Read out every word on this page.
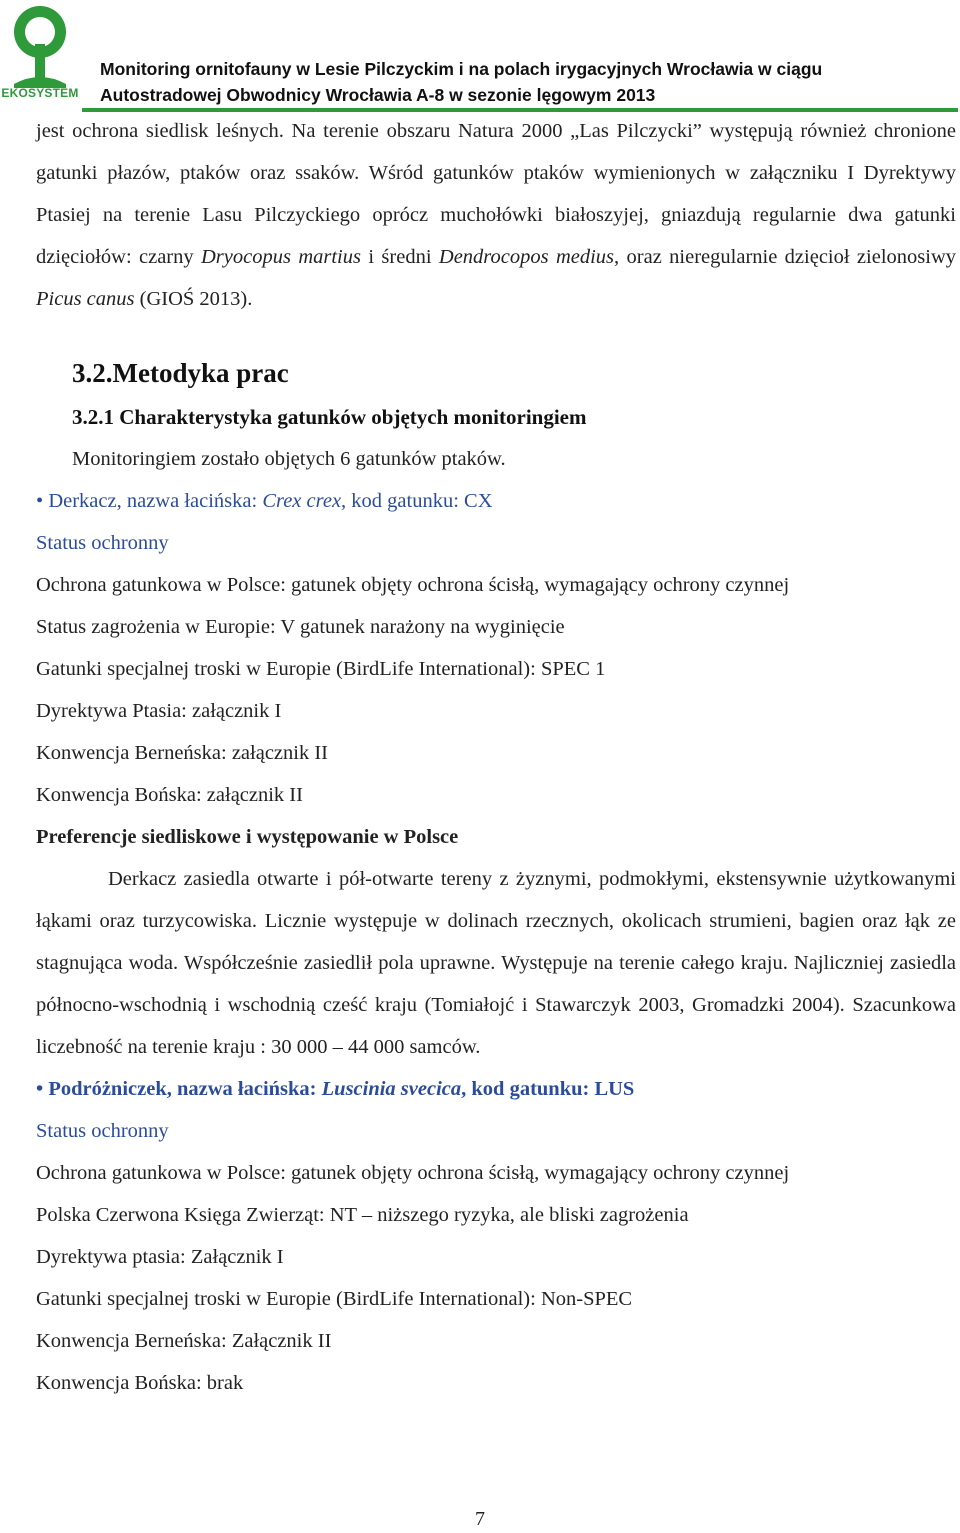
EKOSYSTEM
Monitoring ornitofauny w Lesie Pilczyckim i na polach irygacyjnych Wrocławia w ciągu
Autostradowej Obwodnicy Wrocławia A-8 w sezonie lęgowym 2013

jest ochrona siedlisk leśnych. Na terenie obszaru Natura 2000 „Las Pilczycki” występują również chronione gatunki płazów, ptaków oraz ssaków. Wśród gatunków ptaków wymienionych w załączniku I Dyrektywy Ptasiej na terenie Lasu Pilczyckiego oprócz muchołówki białoszyjej, gniazdują regularnie dwa gatunki dzięciołów: czarny Dryocopus martius i średni Dendrocopos medius, oraz nieregularnie dzięcioł zielonosiwy Picus canus (GIOŚ 2013).

3.2.Metodyka prac

3.2.1 Charakterystyka gatunków objętych monitoringiem

Monitoringiem zostało objętych 6 gatunków ptaków.

• Derkacz, nazwa łacińska: Crex crex, kod gatunku: CX

Status ochronny

Ochrona gatunkowa w Polsce: gatunek objęty ochrona ścisłą, wymagający ochrony czynnej

Status zagrożenia w Europie: V gatunek narażony na wyginięcie

Gatunki specjalnej troski w Europie (BirdLife International): SPEC 1

Dyrektywa Ptasia: załącznik I

Konwencja Berneńska: załącznik II

Konwencja Bońska: załącznik II

Preferencje siedliskowe i występowanie w Polsce

Derkacz zasiedla otwarte i pół-otwarte tereny z żyznymi, podmokłymi, ekstensywnie użytkowanymi łąkami oraz turzycowiska. Licznie występuje w dolinach rzecznych, okolicach strumieni, bagien oraz łąk ze stagnująca woda. Współcześnie zasiedlił pola uprawne. Występuje na terenie całego kraju. Najliczniej zasiedla północno-wschodnią i wschodnią cześć kraju (Tomiałojć i Stawarczyk 2003, Gromadzki 2004). Szacunkowa liczebność na terenie kraju : 30 000 – 44 000 samców.

• Podróżniczek, nazwa łacińska: Luscinia svecica, kod gatunku: LUS

Status ochronny

Ochrona gatunkowa w Polsce: gatunek objęty ochrona ścisłą, wymagający ochrony czynnej

Polska Czerwona Księga Zwierząt: NT – niższego ryzyka, ale bliski zagrożenia

Dyrektywa ptasia: Załącznik I

Gatunki specjalnej troski w Europie (BirdLife International): Non-SPEC

Konwencja Berneńska: Załącznik II

Konwencja Bońska: brak

7
